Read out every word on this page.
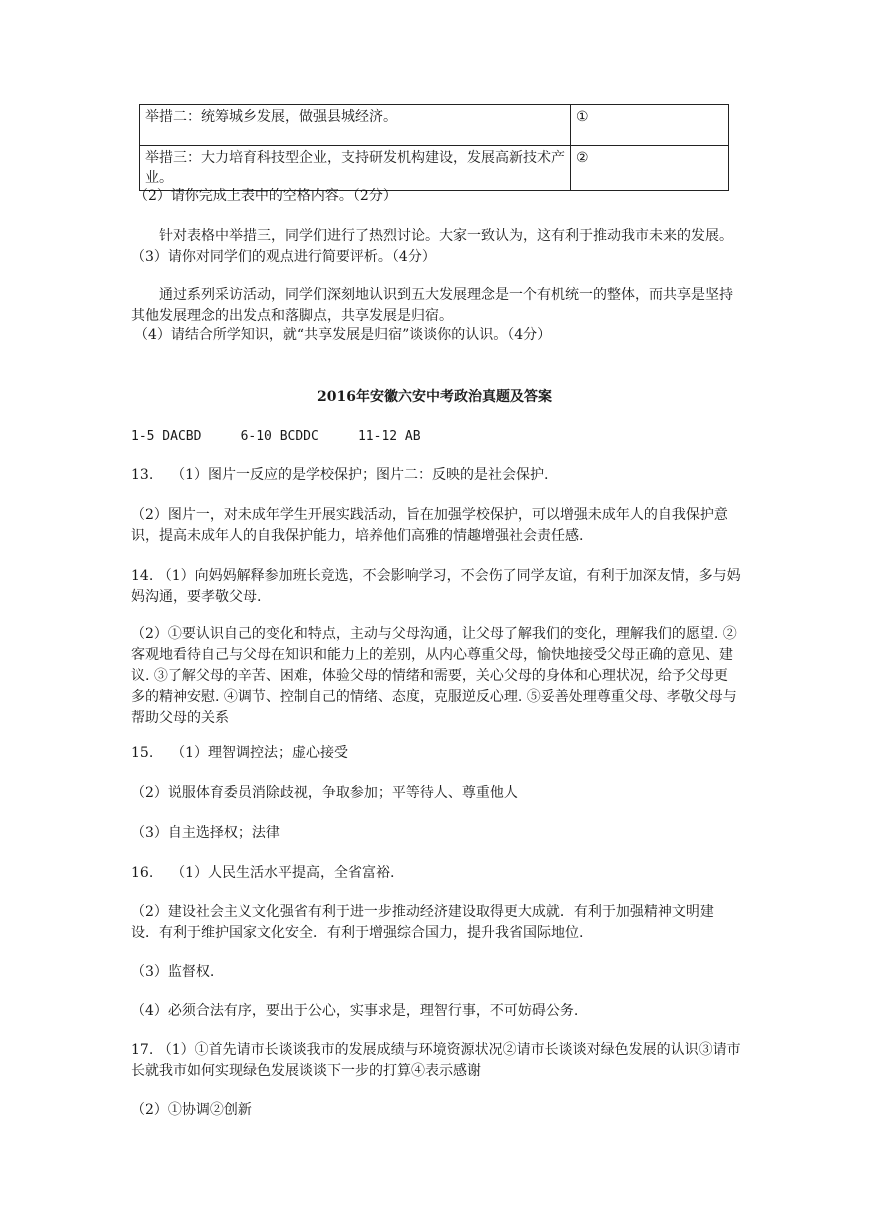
举措二：统筹城乡发展，做强县城经济。	①
举措三：大力培育科技型企业，支持研发机构建设，发展高新技术产业。	②
（2）请你完成上表中的空格内容。（2分）
针对表格中举措三，同学们进行了热烈讨论。大家一致认为，这有利于推动我市未来的发展。（3）请你对同学们的观点进行简要评析。（4分）
通过系列采访活动，同学们深刻地认识到五大发展理念是一个有机统一的整体，而共享是坚持其他发展理念的出发点和落脚点，共享发展是归宿。
（4）请结合所学知识，就“共享发展是归宿”谈谈你的认识。（4分）
2016年安徽六安中考政治真题及答案
1-5 DACBD     6-10 BCDDC     11-12 AB
13.    （1）图片一反应的是学校保护；图片二：反映的是社会保护.
（2）图片一，对未成年学生开展实践活动，旨在加强学校保护，可以增强未成年人的自我保护意识，提高未成年人的自我保护能力，培养他们高雅的情趣增强社会责任感.
14. （1）向妈妈解释参加班长竞选，不会影响学习，不会伤了同学友谊，有利于加深友情，多与妈妈沟通，要孝敬父母.
（2）①要认识自己的变化和特点，主动与父母沟通，让父母了解我们的变化，理解我们的愿望. ②客观地看待自己与父母在知识和能力上的差别，从内心尊重父母，愉快地接受父母正确的意见、建议. ③了解父母的辛苦、困难，体验父母的情绪和需要，关心父母的身体和心理状况，给予父母更多的精神安慰. ④调节、控制自己的情绪、态度，克服逆反心理. ⑤妥善处理尊重父母、孝敬父母与帮助父母的关系
15.    （1）理智调控法；虚心接受
（2）说服体育委员消除歧视，争取参加；平等待人、尊重他人
（3）自主选择权；法律
16.    （1）人民生活水平提高，全省富裕.
（2）建设社会主义文化强省有利于进一步推动经济建设取得更大成就．有利于加强精神文明建设．有利于维护国家文化安全．有利于增强综合国力，提升我省国际地位.
（3）监督权.
（4）必须合法有序，要出于公心，实事求是，理智行事，不可妨碍公务.
17. （1）①首先请市长谈谈我市的发展成绩与环境资源状况②请市长谈谈对绿色发展的认识③请市长就我市如何实现绿色发展谈谈下一步的打算④表示感谢
（2）①协调②创新
